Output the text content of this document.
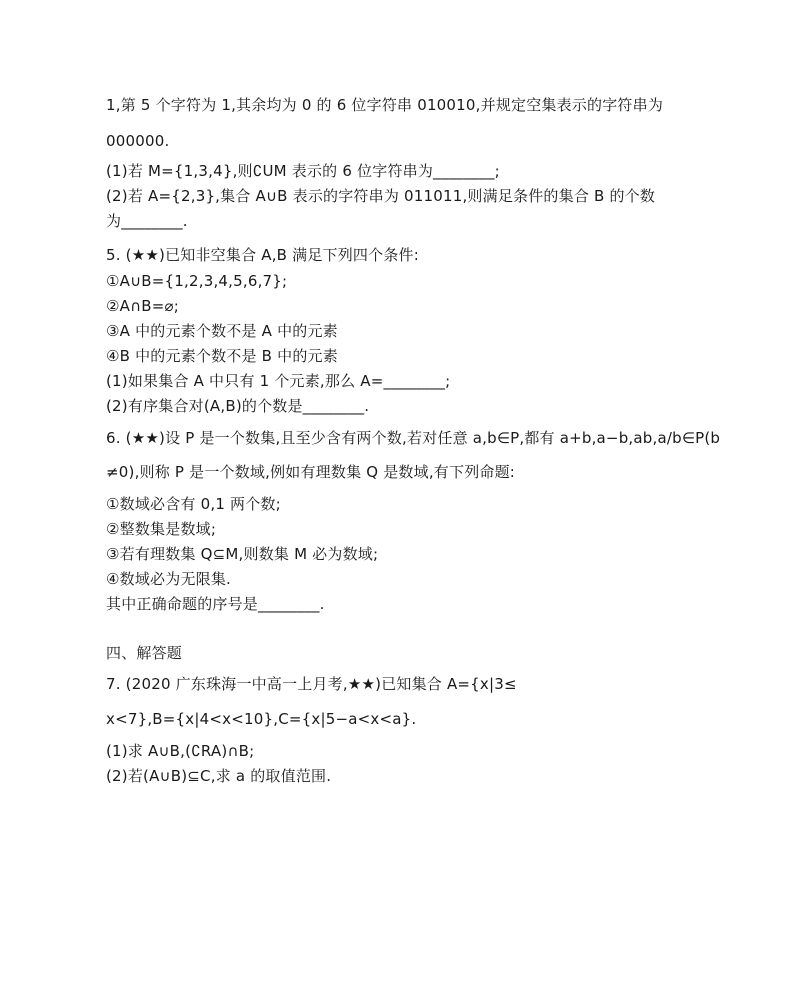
1,第 5 个字符为 1,其余均为 0 的 6 位字符串 010010,并规定空集表示的字符串为
000000.
(1)若 M={1,3,4},则∁UM 表示的 6 位字符串为________;
(2)若 A={2,3},集合 A∪B 表示的字符串为 011011,则满足条件的集合 B 的个数
为________.
5. (★★)已知非空集合 A,B 满足下列四个条件:
①A∪B={1,2,3,4,5,6,7};
②A∩B=⌀;
③A 中的元素个数不是 A 中的元素
④B 中的元素个数不是 B 中的元素
(1)如果集合 A 中只有 1 个元素,那么 A=________;
(2)有序集合对(A,B)的个数是________.
6. (★★)设 P 是一个数集,且至少含有两个数,若对任意 a,b∈P,都有 a+b,a−b,ab,a/b∈P(b
≠0),则称 P 是一个数域,例如有理数集 Q 是数域,有下列命题:
①数域必含有 0,1 两个数;
②整数集是数域;
③若有理数集 Q⊆M,则数集 M 必为数域;
④数域必为无限集.
其中正确命题的序号是________.
四、解答题
7. (2020 广东珠海一中高一上月考,★★)已知集合 A={x|3≤
x<7},B={x|4<x<10},C={x|5−a<x<a}.
(1)求 A∪B,(∁RA)∩B;
(2)若(A∪B)⊆C,求 a 的取值范围.
